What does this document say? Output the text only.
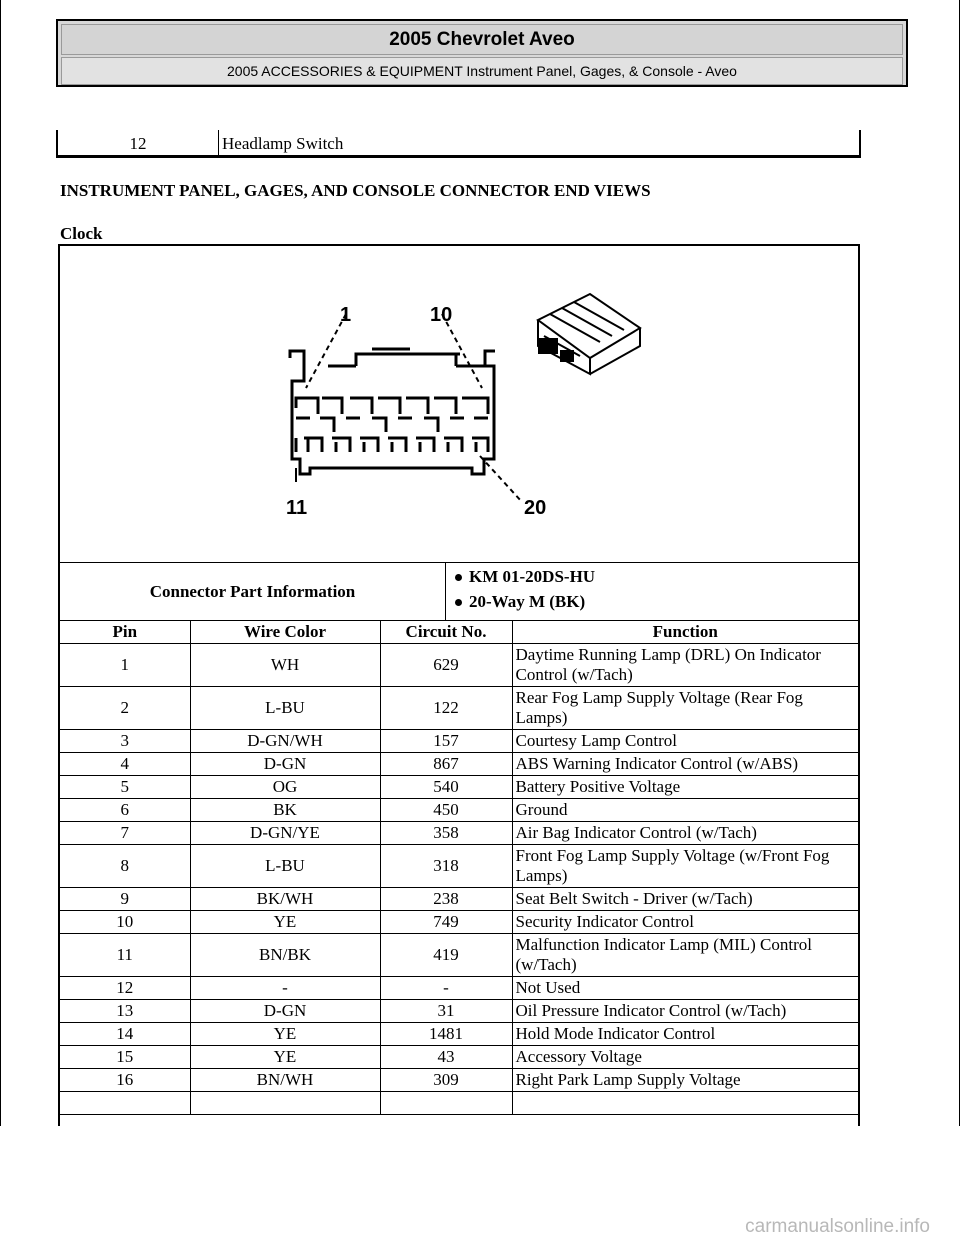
2005 Chevrolet Aveo
2005 ACCESSORIES & EQUIPMENT Instrument Panel, Gages, & Console - Aveo
12	Headlamp Switch
INSTRUMENT PANEL, GAGES, AND CONSOLE CONNECTOR END VIEWS
Clock
1	10
11	20
Connector Part Information
KM 01-20DS-HU
20-Way M (BK)
Pin	Wire Color	Circuit No.	Function
1	WH	629	Daytime Running Lamp (DRL) On Indicator Control (w/Tach)
2	L-BU	122	Rear Fog Lamp Supply Voltage (Rear Fog Lamps)
3	D-GN/WH	157	Courtesy Lamp Control
4	D-GN	867	ABS Warning Indicator Control (w/ABS)
5	OG	540	Battery Positive Voltage
6	BK	450	Ground
7	D-GN/YE	358	Air Bag Indicator Control (w/Tach)
8	L-BU	318	Front Fog Lamp Supply Voltage (w/Front Fog Lamps)
9	BK/WH	238	Seat Belt Switch - Driver (w/Tach)
10	YE	749	Security Indicator Control
11	BN/BK	419	Malfunction Indicator Lamp (MIL) Control (w/Tach)
12	-	-	Not Used
13	D-GN	31	Oil Pressure Indicator Control (w/Tach)
14	YE	1481	Hold Mode Indicator Control
15	YE	43	Accessory Voltage
16	BN/WH	309	Right Park Lamp Supply Voltage

carmanualsonline.info
